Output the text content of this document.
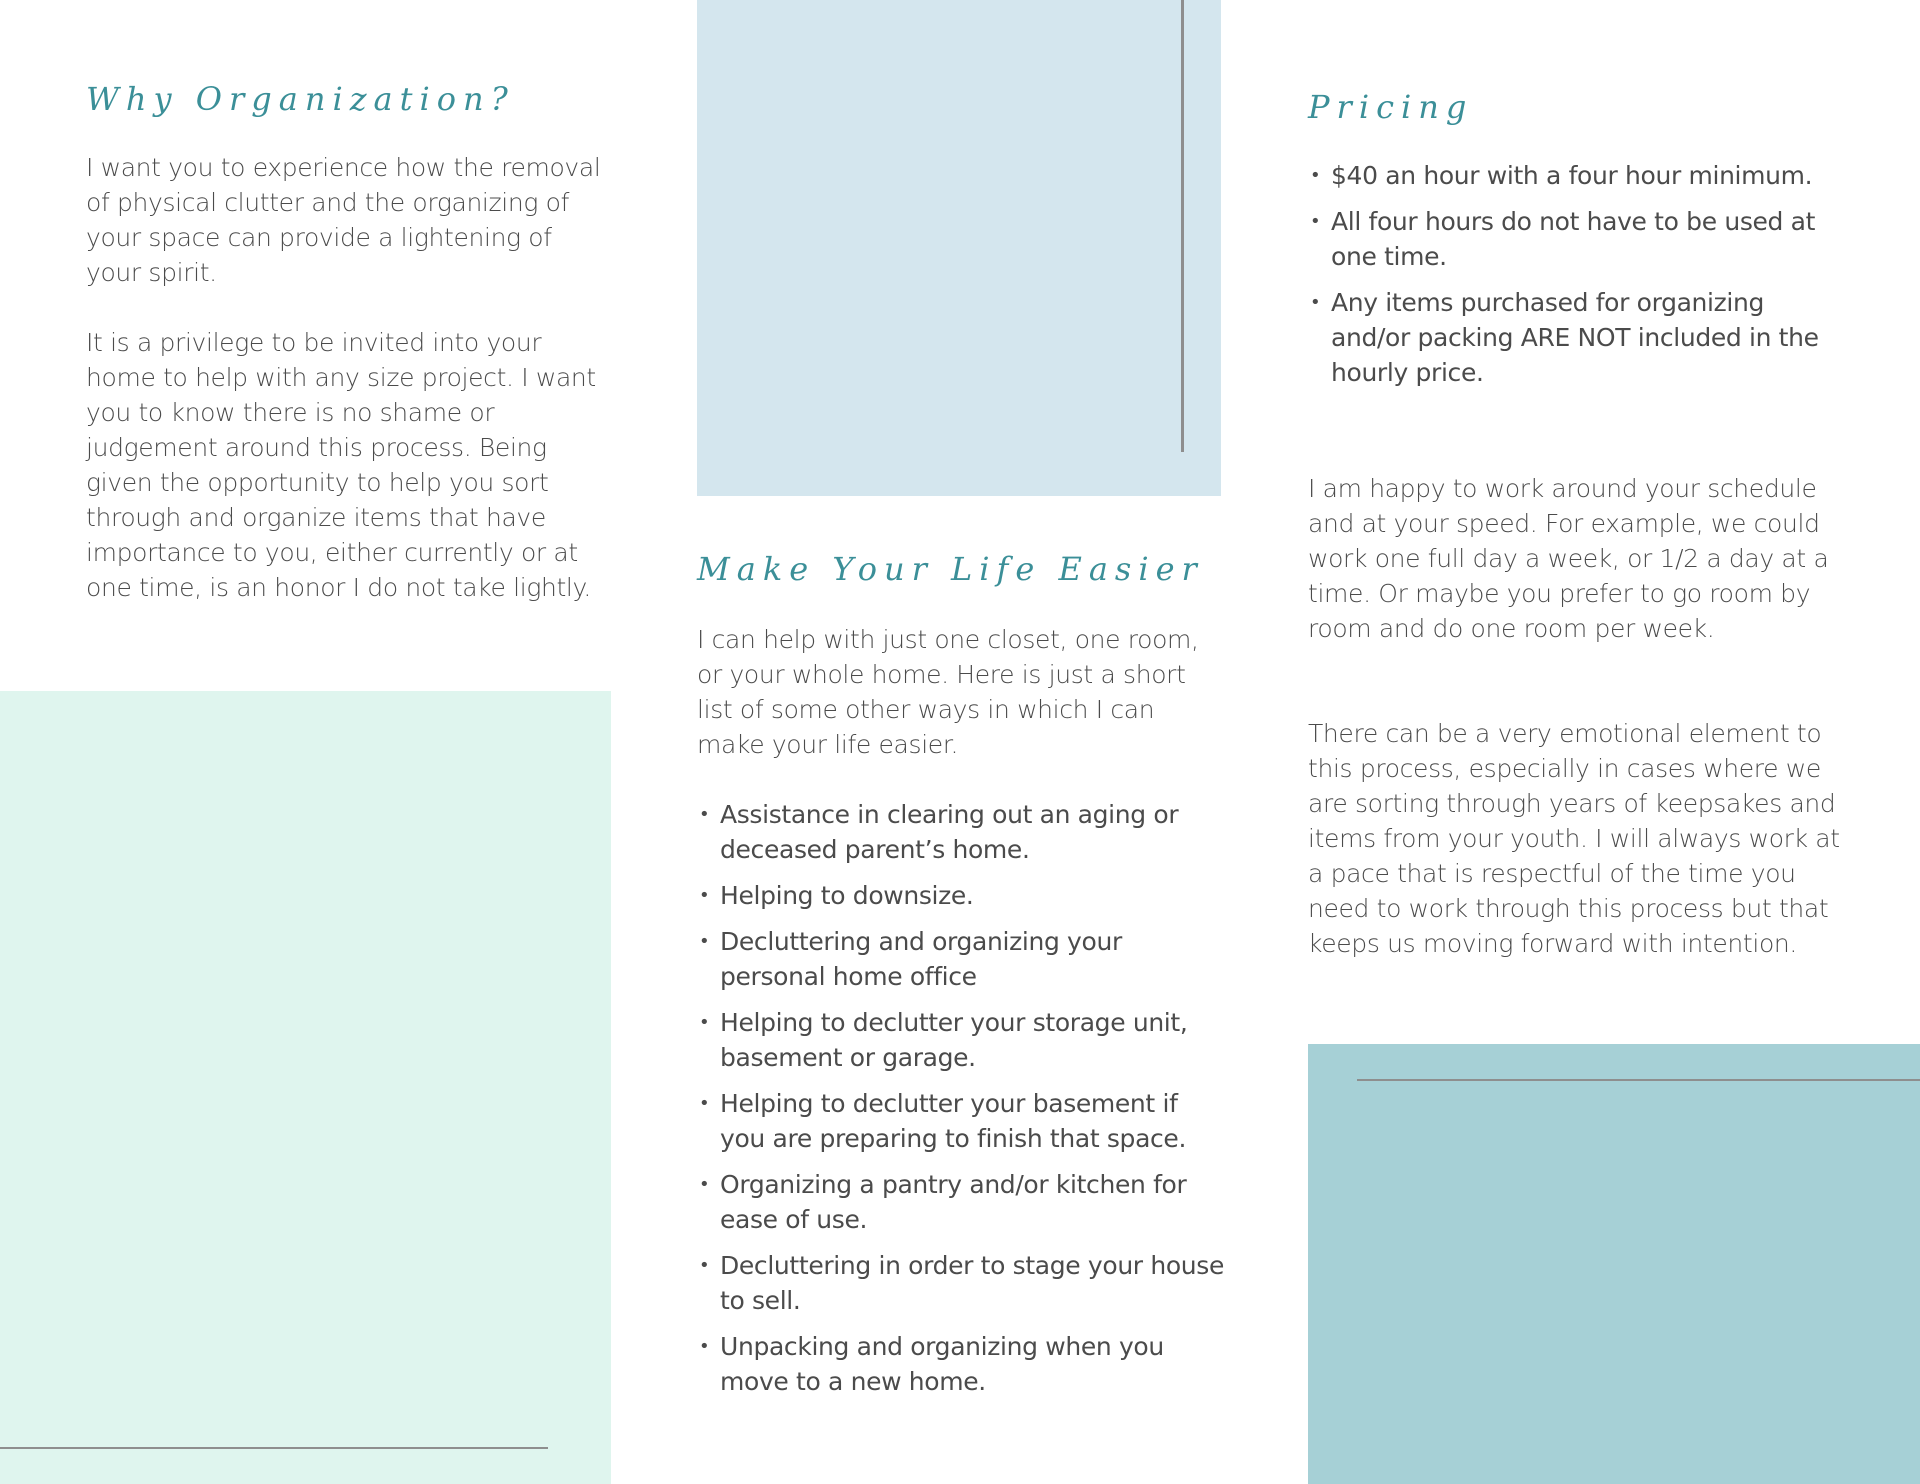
Why Organization?

I want you to experience how the removal of physical clutter and the organizing of your space can provide a lightening of your spirit.

It is a privilege to be invited into your home to help with any size project. I want you to know there is no shame or judgement around this process. Being given the opportunity to help you sort through and organize items that have importance to you, either currently or at one time, is an honor I do not take lightly.	Make Your Life Easier

I can help with just one closet, one room, or your whole home. Here is just a short list of some other ways in which I can make your life easier.

• Assistance in clearing out an aging or deceased parent’s home.
• Helping to downsize.
• Decluttering and organizing your personal home office
• Helping to declutter your storage unit, basement or garage.
• Helping to declutter your basement if you are preparing to finish that space.
• Organizing a pantry and/or kitchen for ease of use.
• Decluttering in order to stage your house to sell.
• Unpacking and organizing when you move to a new home.
Pricing
• $40 an hour with a four hour minimum.
• All four hours do not have to be used at one time.
• Any items purchased for organizing and/or packing ARE NOT included in the hourly price.

I am happy to work around your schedule and at your speed. For example, we could work one full day a week, or 1/2 a day at a time. Or maybe you prefer to go room by room and do one room per week.

There can be a very emotional element to this process, especially in cases where we are sorting through years of keepsakes and items from your youth. I will always work at a pace that is respectful of the time you need to work through this process but that keeps us moving forward with intention.
